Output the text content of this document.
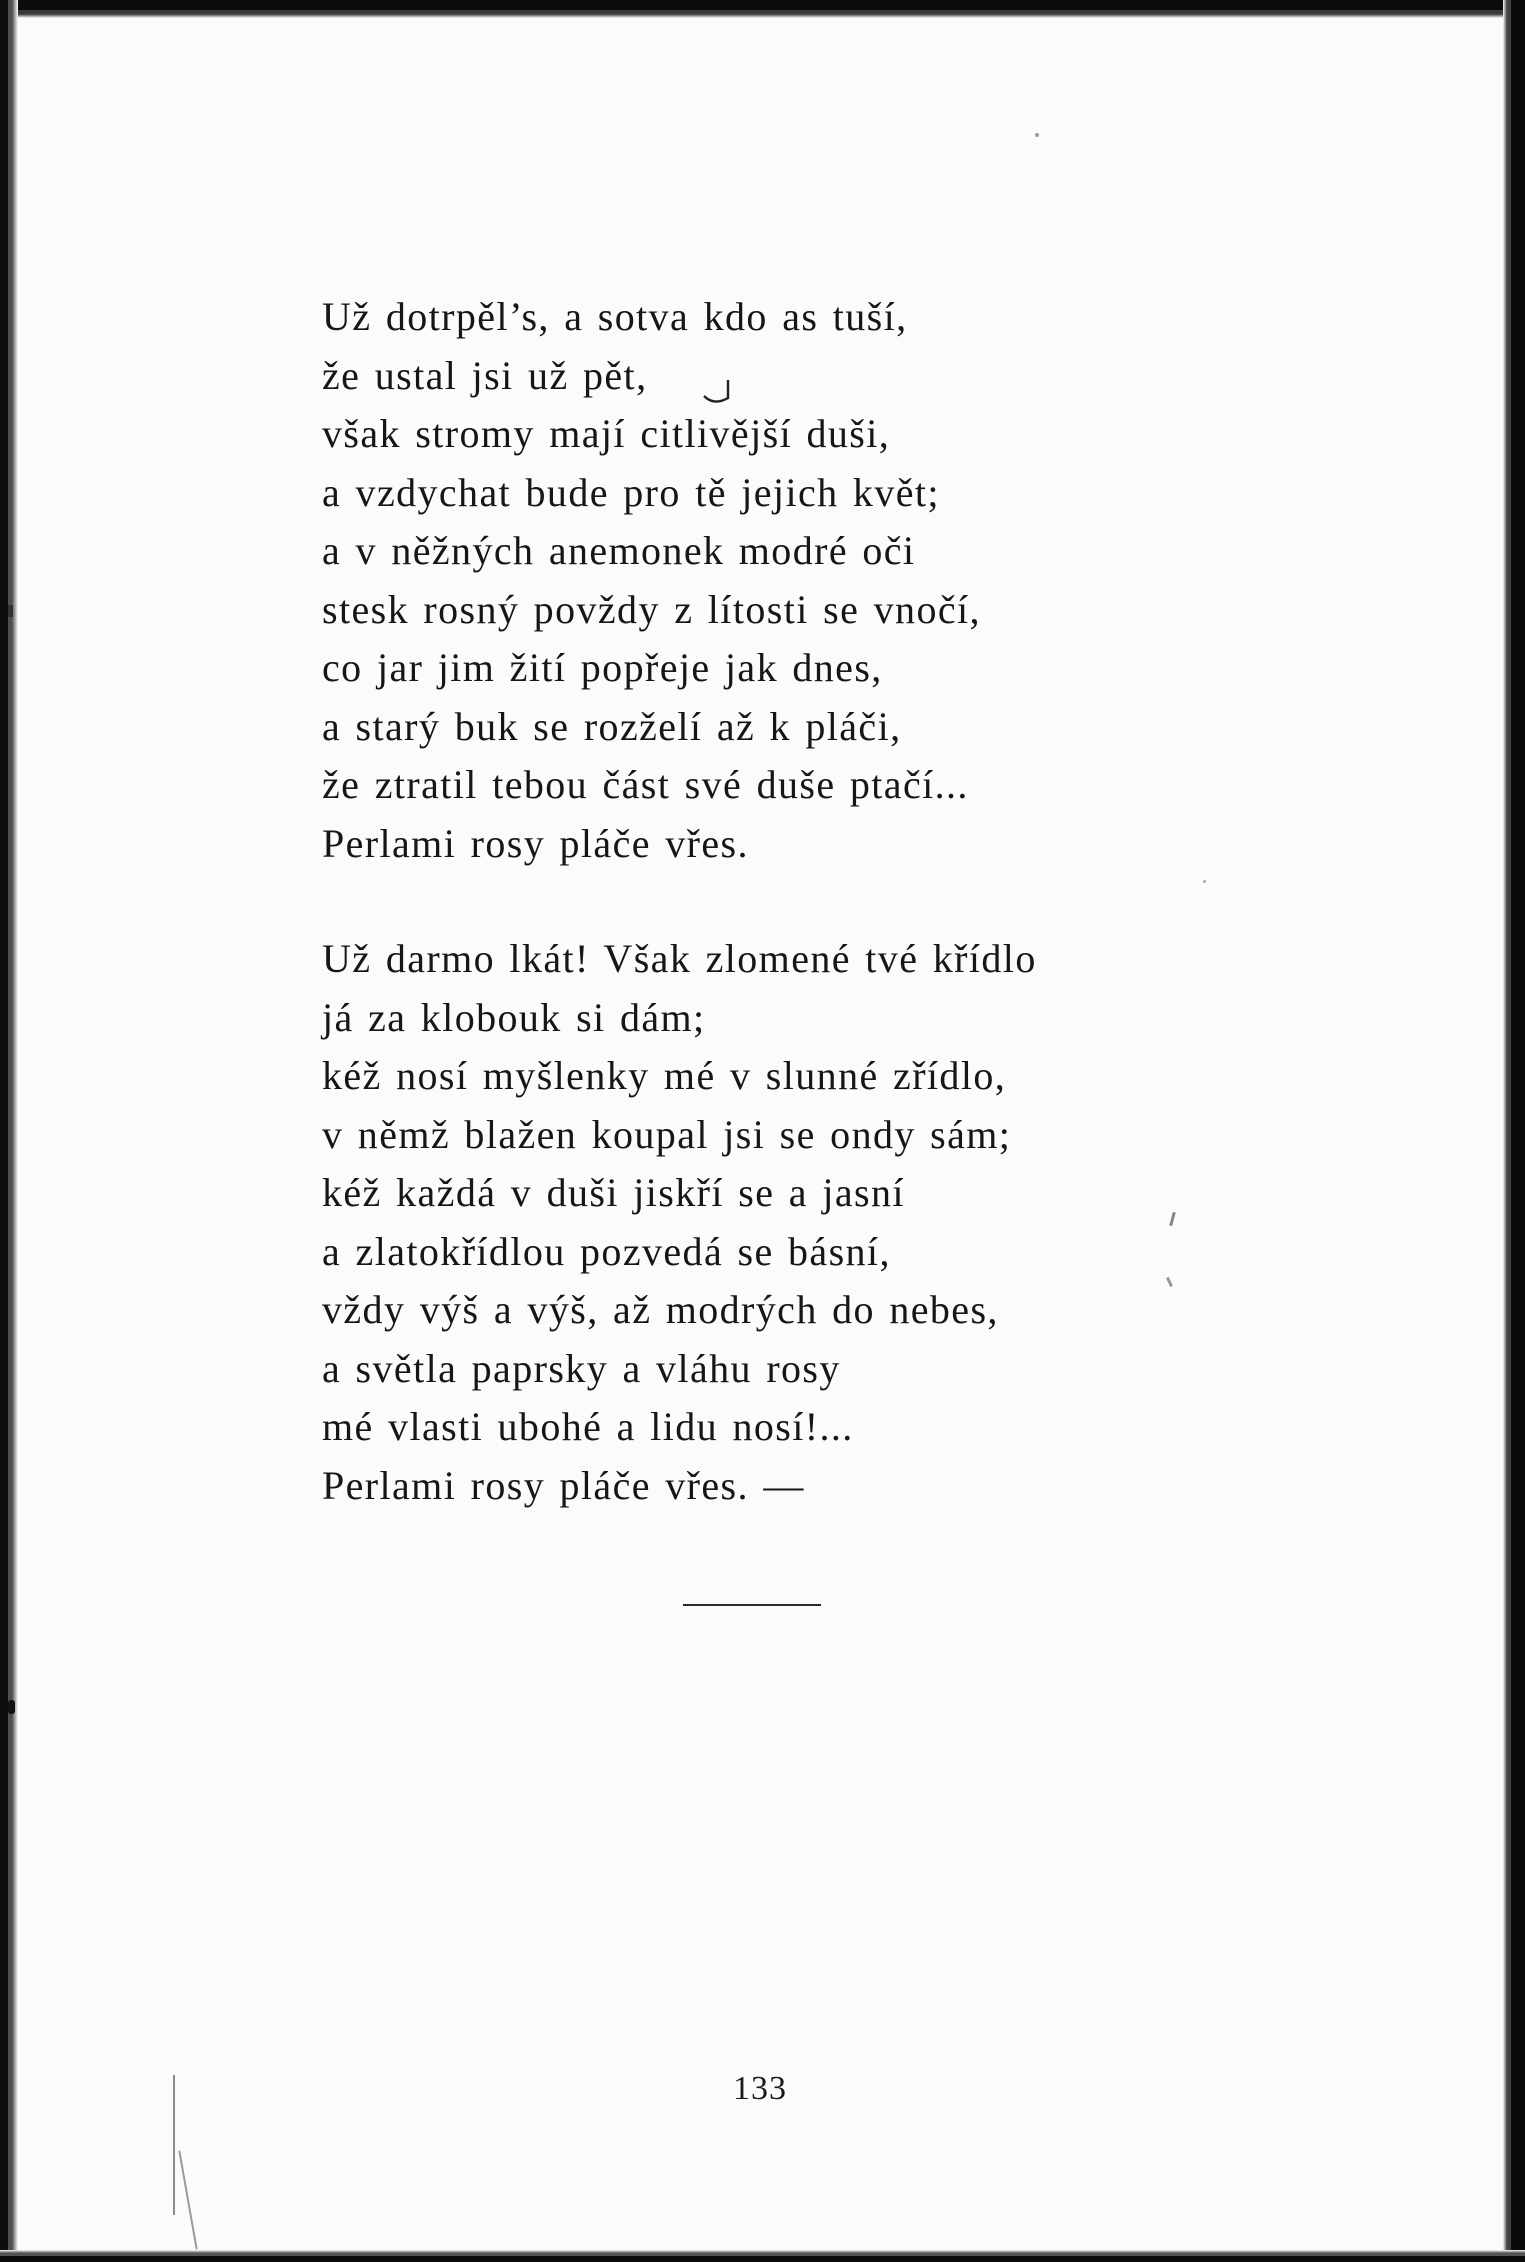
Už dotrpěl’s, a sotva kdo as tuší,
že ustal jsi už pět,
však stromy mají citlivější duši,
a vzdychat bude pro tě jejich květ;
a v něžných anemonek modré oči
stesk rosný povždy z lítosti se vnočí,
co jar jim žití popřeje jak dnes,
a starý buk se rozželí až k pláči,
že ztratil tebou část své duše ptačí...
Perlami rosy pláče vřes.
Už darmo lkát! Však zlomené tvé křídlo
já za klobouk si dám;
kéž nosí myšlenky mé v slunné zřídlo,
v němž blažen koupal jsi se ondy sám;
kéž každá v duši jiskří se a jasní
a zlatokřídlou pozvedá se básní,
vždy výš a výš, až modrých do nebes,
a světla paprsky a vláhu rosy
mé vlasti ubohé a lidu nosí!...
Perlami rosy pláče vřes. —
133
